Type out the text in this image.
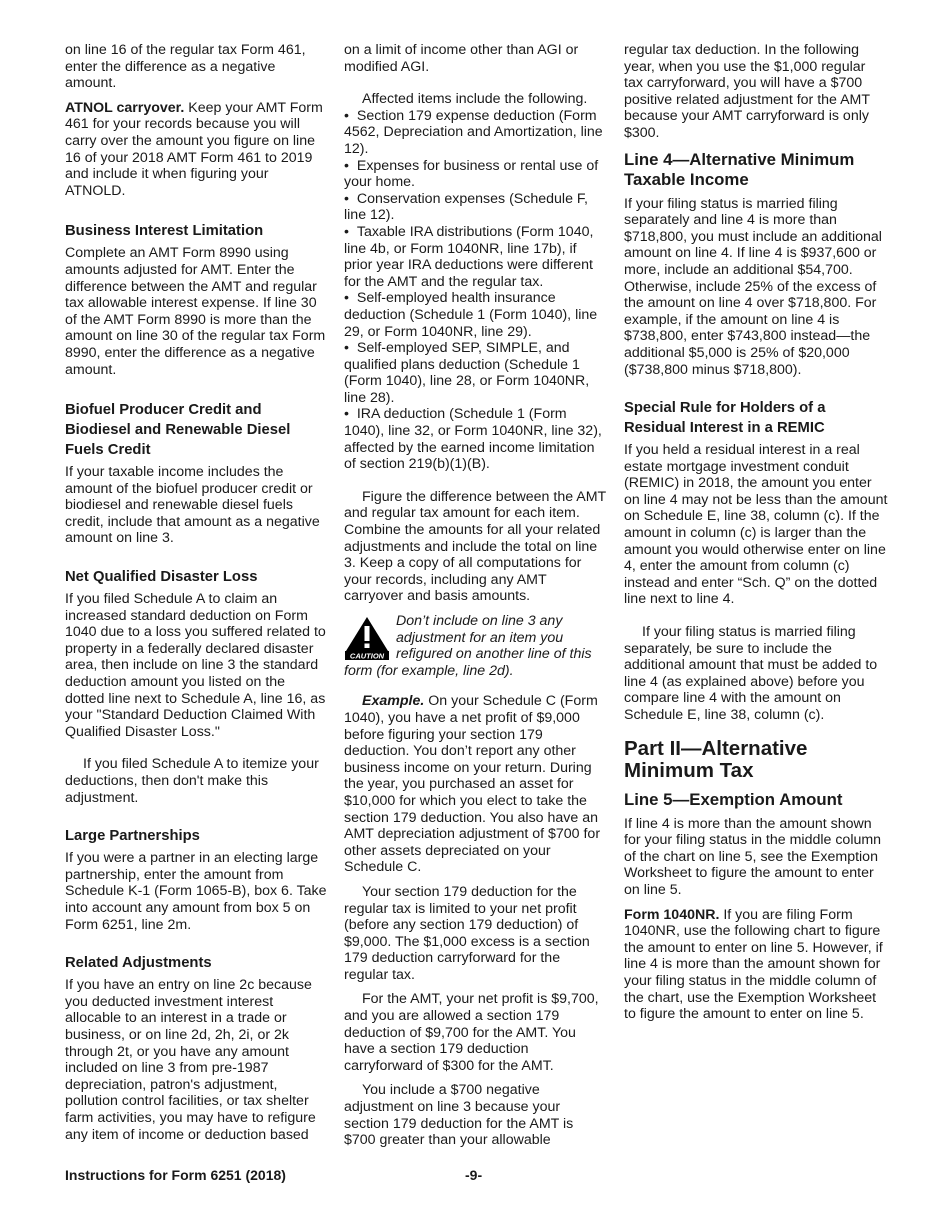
on line 16 of the regular tax Form 461, enter the difference as a negative amount.

ATNOL carryover. Keep your AMT Form 461 for your records because you will carry over the amount you figure on line 16 of your 2018 AMT Form 461 to 2019 and include it when figuring your ATNOLD.

Business Interest Limitation

Complete an AMT Form 8990 using amounts adjusted for AMT. Enter the difference between the AMT and regular tax allowable interest expense. If line 30 of the AMT Form 8990 is more than the amount on line 30 of the regular tax Form 8990, enter the difference as a negative amount.

Biofuel Producer Credit and Biodiesel and Renewable Diesel Fuels Credit

If your taxable income includes the amount of the biofuel producer credit or biodiesel and renewable diesel fuels credit, include that amount as a negative amount on line 3.

Net Qualified Disaster Loss

If you filed Schedule A to claim an increased standard deduction on Form 1040 due to a loss you suffered related to property in a federally declared disaster area, then include on line 3 the standard deduction amount you listed on the dotted line next to Schedule A, line 16, as your "Standard Deduction Claimed With Qualified Disaster Loss."

If you filed Schedule A to itemize your deductions, then don't make this adjustment.

Large Partnerships

If you were a partner in an electing large partnership, enter the amount from Schedule K-1 (Form 1065-B), box 6. Take into account any amount from box 5 on Form 6251, line 2m.

Related Adjustments

If you have an entry on line 2c because you deducted investment interest allocable to an interest in a trade or business, or on line 2d, 2h, 2i, or 2k through 2t, or you have any amount included on line 3 from pre-1987 depreciation, patron's adjustment, pollution control facilities, or tax shelter farm activities, you may have to refigure any item of income or deduction based

on a limit of income other than AGI or modified AGI.

Affected items include the following.

•  Section 179 expense deduction (Form 4562, Depreciation and Amortization, line 12).

•  Expenses for business or rental use of your home.

•  Conservation expenses (Schedule F, line 12).

•  Taxable IRA distributions (Form 1040, line 4b, or Form 1040NR, line 17b), if prior year IRA deductions were different for the AMT and the regular tax.

•  Self-employed health insurance deduction (Schedule 1 (Form 1040), line 29, or Form 1040NR, line 29).

•  Self-employed SEP, SIMPLE, and qualified plans deduction (Schedule 1 (Form 1040), line 28, or Form 1040NR, line 28).

•  IRA deduction (Schedule 1 (Form 1040), line 32, or Form 1040NR, line 32), affected by the earned income limitation of section 219(b)(1)(B).

Figure the difference between the AMT and regular tax amount for each item. Combine the amounts for all your related adjustments and include the total on line 3. Keep a copy of all computations for your records, including any AMT carryover and basis amounts.

CAUTION
Don’t include on line 3 any
adjustment for an item you
refigured on another line of this
form (for example, line 2d).

Example. On your Schedule C (Form 1040), you have a net profit of $9,000 before figuring your section 179 deduction. You don’t report any other business income on your return. During the year, you purchased an asset for $10,000 for which you elect to take the section 179 deduction. You also have an AMT depreciation adjustment of $700 for other assets depreciated on your Schedule C.

Your section 179 deduction for the regular tax is limited to your net profit (before any section 179 deduction) of $9,000. The $1,000 excess is a section 179 deduction carryforward for the regular tax.

For the AMT, your net profit is $9,700, and you are allowed a section 179 deduction of $9,700 for the AMT. You have a section 179 deduction carryforward of $300 for the AMT.

You include a $700 negative adjustment on line 3 because your section 179 deduction for the AMT is $700 greater than your allowable

regular tax deduction. In the following year, when you use the $1,000 regular tax carryforward, you will have a $700 positive related adjustment for the AMT because your AMT carryforward is only $300.

Line 4—Alternative Minimum Taxable Income

If your filing status is married filing separately and line 4 is more than $718,800, you must include an additional amount on line 4. If line 4 is $937,600 or more, include an additional $54,700. Otherwise, include 25% of the excess of the amount on line 4 over $718,800. For example, if the amount on line 4 is $738,800, enter $743,800 instead—the additional $5,000 is 25% of $20,000 ($738,800 minus $718,800).

Special Rule for Holders of a Residual Interest in a REMIC

If you held a residual interest in a real estate mortgage investment conduit (REMIC) in 2018, the amount you enter on line 4 may not be less than the amount on Schedule E, line 38, column (c). If the amount in column (c) is larger than the amount you would otherwise enter on line 4, enter the amount from column (c) instead and enter “Sch. Q” on the dotted line next to line 4.

If your filing status is married filing separately, be sure to include the additional amount that must be added to line 4 (as explained above) before you compare line 4 with the amount on Schedule E, line 38, column (c).

Part II—Alternative Minimum Tax
Line 5—Exemption Amount

If line 4 is more than the amount shown for your filing status in the middle column of the chart on line 5, see the Exemption Worksheet to figure the amount to enter on line 5.

Form 1040NR. If you are filing Form 1040NR, use the following chart to figure the amount to enter on line 5. However, if line 4 is more than the amount shown for your filing status in the middle column of the chart, use the Exemption Worksheet to figure the amount to enter on line 5.

Instructions for Form 6251 (2018)	-9-
